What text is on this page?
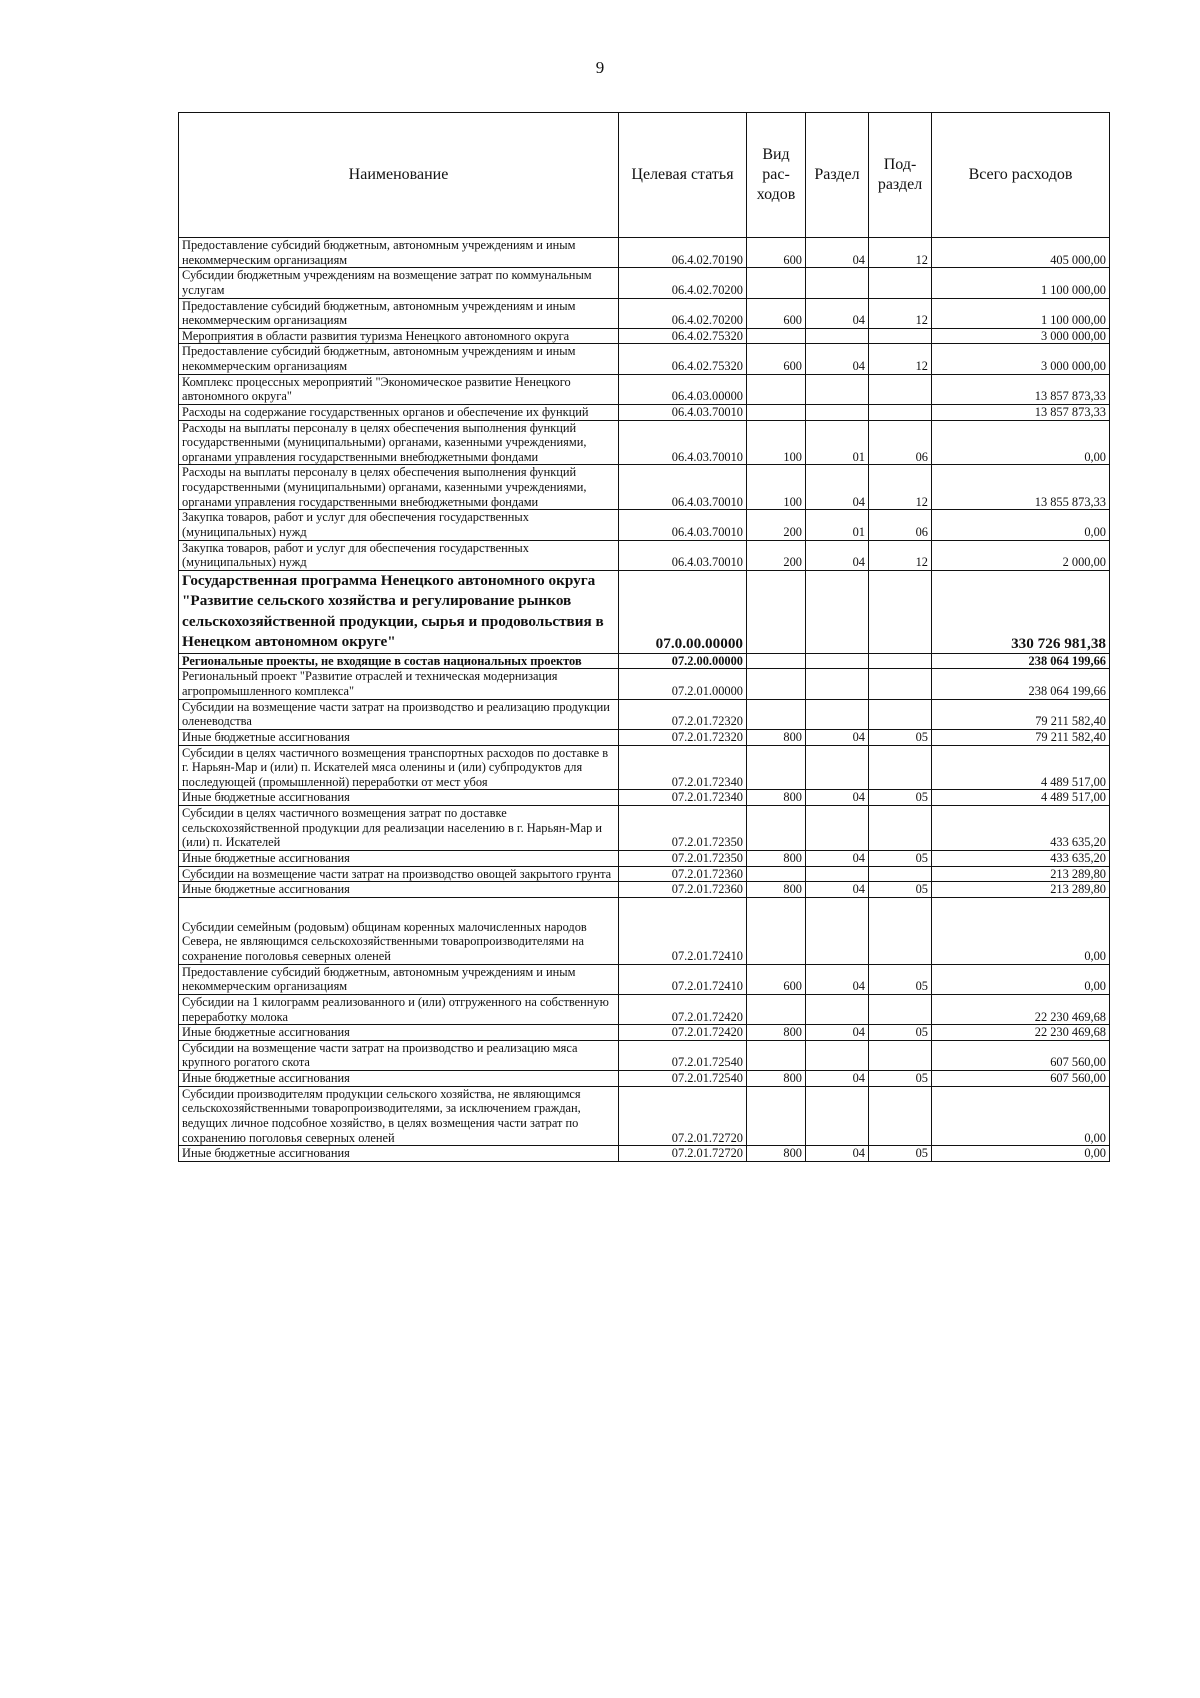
9
Наименование	Целевая статья	Вид рас-ходов	Раздел	Под-раздел	Всего расходов
Предоставление субсидий бюджетным, автономным учреждениям и иным некоммерческим организациям	06.4.02.70190	600	04	12	405 000,00
Субсидии бюджетным учреждениям на возмещение затрат по коммунальным услугам	06.4.02.70200				1 100 000,00
Предоставление субсидий бюджетным, автономным учреждениям и иным некоммерческим организациям	06.4.02.70200	600	04	12	1 100 000,00
Мероприятия в области развития туризма Ненецкого автономного округа	06.4.02.75320				3 000 000,00
Предоставление субсидий бюджетным, автономным учреждениям и иным некоммерческим организациям	06.4.02.75320	600	04	12	3 000 000,00
Комплекс процессных мероприятий "Экономическое развитие Ненецкого автономного округа"	06.4.03.00000				13 857 873,33
Расходы на содержание государственных органов и обеспечение их функций	06.4.03.70010				13 857 873,33
Расходы на выплаты персоналу в целях обеспечения выполнения функций государственными (муниципальными) органами, казенными учреждениями, органами управления государственными внебюджетными фондами	06.4.03.70010	100	01	06	0,00
Расходы на выплаты персоналу в целях обеспечения выполнения функций государственными (муниципальными) органами, казенными учреждениями, органами управления государственными внебюджетными фондами	06.4.03.70010	100	04	12	13 855 873,33
Закупка товаров, работ и услуг для обеспечения государственных (муниципальных) нужд	06.4.03.70010	200	01	06	0,00
Закупка товаров, работ и услуг для обеспечения государственных (муниципальных) нужд	06.4.03.70010	200	04	12	2 000,00
Государственная программа Ненецкого автономного округа "Развитие сельского хозяйства и регулирование рынков сельскохозяйственной продукции, сырья и продовольствия в Ненецком автономном округе"	07.0.00.00000				330 726 981,38
Региональные проекты, не входящие в состав национальных проектов	07.2.00.00000				238 064 199,66
Региональный проект "Развитие отраслей и техническая модернизация агропромышленного комплекса"	07.2.01.00000				238 064 199,66
Субсидии на возмещение части затрат на производство и реализацию продукции оленеводства	07.2.01.72320				79 211 582,40
Иные бюджетные ассигнования	07.2.01.72320	800	04	05	79 211 582,40
Субсидии в целях частичного возмещения транспортных расходов по доставке в г. Нарьян-Мар и (или) п. Искателей мяса оленины и (или) субпродуктов для последующей (промышленной) переработки от мест убоя	07.2.01.72340				4 489 517,00
Иные бюджетные ассигнования	07.2.01.72340	800	04	05	4 489 517,00
Субсидии в целях частичного возмещения затрат по доставке сельскохозяйственной продукции для реализации населению в г. Нарьян-Мар и (или) п. Искателей	07.2.01.72350				433 635,20
Иные бюджетные ассигнования	07.2.01.72350	800	04	05	433 635,20
Субсидии на возмещение части затрат на производство овощей закрытого грунта	07.2.01.72360				213 289,80
Иные бюджетные ассигнования	07.2.01.72360	800	04	05	213 289,80
Субсидии семейным (родовым) общинам коренных малочисленных народов Севера, не являющимся сельскохозяйственными товаропроизводителями на сохранение поголовья северных оленей	07.2.01.72410				0,00
Предоставление субсидий бюджетным, автономным учреждениям и иным некоммерческим организациям	07.2.01.72410	600	04	05	0,00
Субсидии на 1 килограмм реализованного и (или) отгруженного на собственную переработку молока	07.2.01.72420				22 230 469,68
Иные бюджетные ассигнования	07.2.01.72420	800	04	05	22 230 469,68
Субсидии на возмещение части затрат на производство и реализацию мяса крупного рогатого скота	07.2.01.72540				607 560,00
Иные бюджетные ассигнования	07.2.01.72540	800	04	05	607 560,00
Субсидии производителям продукции сельского хозяйства, не являющимся сельскохозяйственными товаропроизводителями, за исключением граждан, ведущих личное подсобное хозяйство, в целях возмещения части затрат по сохранению поголовья северных оленей	07.2.01.72720				0,00
Иные бюджетные ассигнования	07.2.01.72720	800	04	05	0,00
